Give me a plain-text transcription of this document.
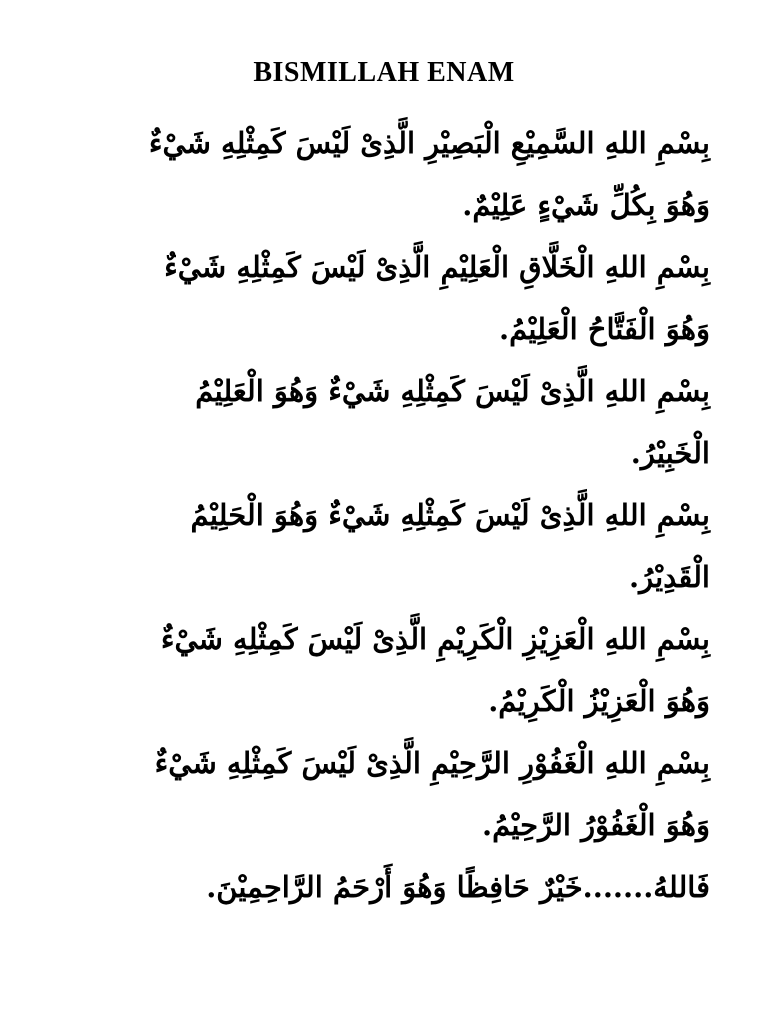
BISMILLAH ENAM

بِسْمِ اللهِ السَّمِيْعِ الْبَصِيْرِ الَّذِىْ لَيْسَ كَمِثْلِهِ شَيْءٌ
وَهُوَ بِكُلِّ شَيْءٍ عَلِيْمٌ.

بِسْمِ اللهِ الْخَلَّاقِ الْعَلِيْمِ الَّذِىْ لَيْسَ كَمِثْلِهِ شَيْءٌ
وَهُوَ الْفَتَّاحُ الْعَلِيْمُ.

بِسْمِ اللهِ الَّذِىْ لَيْسَ كَمِثْلِهِ شَيْءٌ وَهُوَ الْعَلِيْمُ
الْخَبِيْرُ.

بِسْمِ اللهِ الَّذِىْ لَيْسَ كَمِثْلِهِ شَيْءٌ وَهُوَ الْحَلِيْمُ
الْقَدِيْرُ.

بِسْمِ اللهِ الْعَزِيْزِ الْكَرِيْمِ الَّذِىْ لَيْسَ كَمِثْلِهِ شَيْءٌ
وَهُوَ الْعَزِيْزُ الْكَرِيْمُ.

بِسْمِ اللهِ الْغَفُوْرِ الرَّحِيْمِ الَّذِىْ لَيْسَ كَمِثْلِهِ شَيْءٌ
وَهُوَ الْغَفُوْرُ الرَّحِيْمُ.

فَاللهُ.......خَيْرٌ حَافِظًا وَهُوَ أَرْحَمُ الرَّاحِمِيْنَ.
